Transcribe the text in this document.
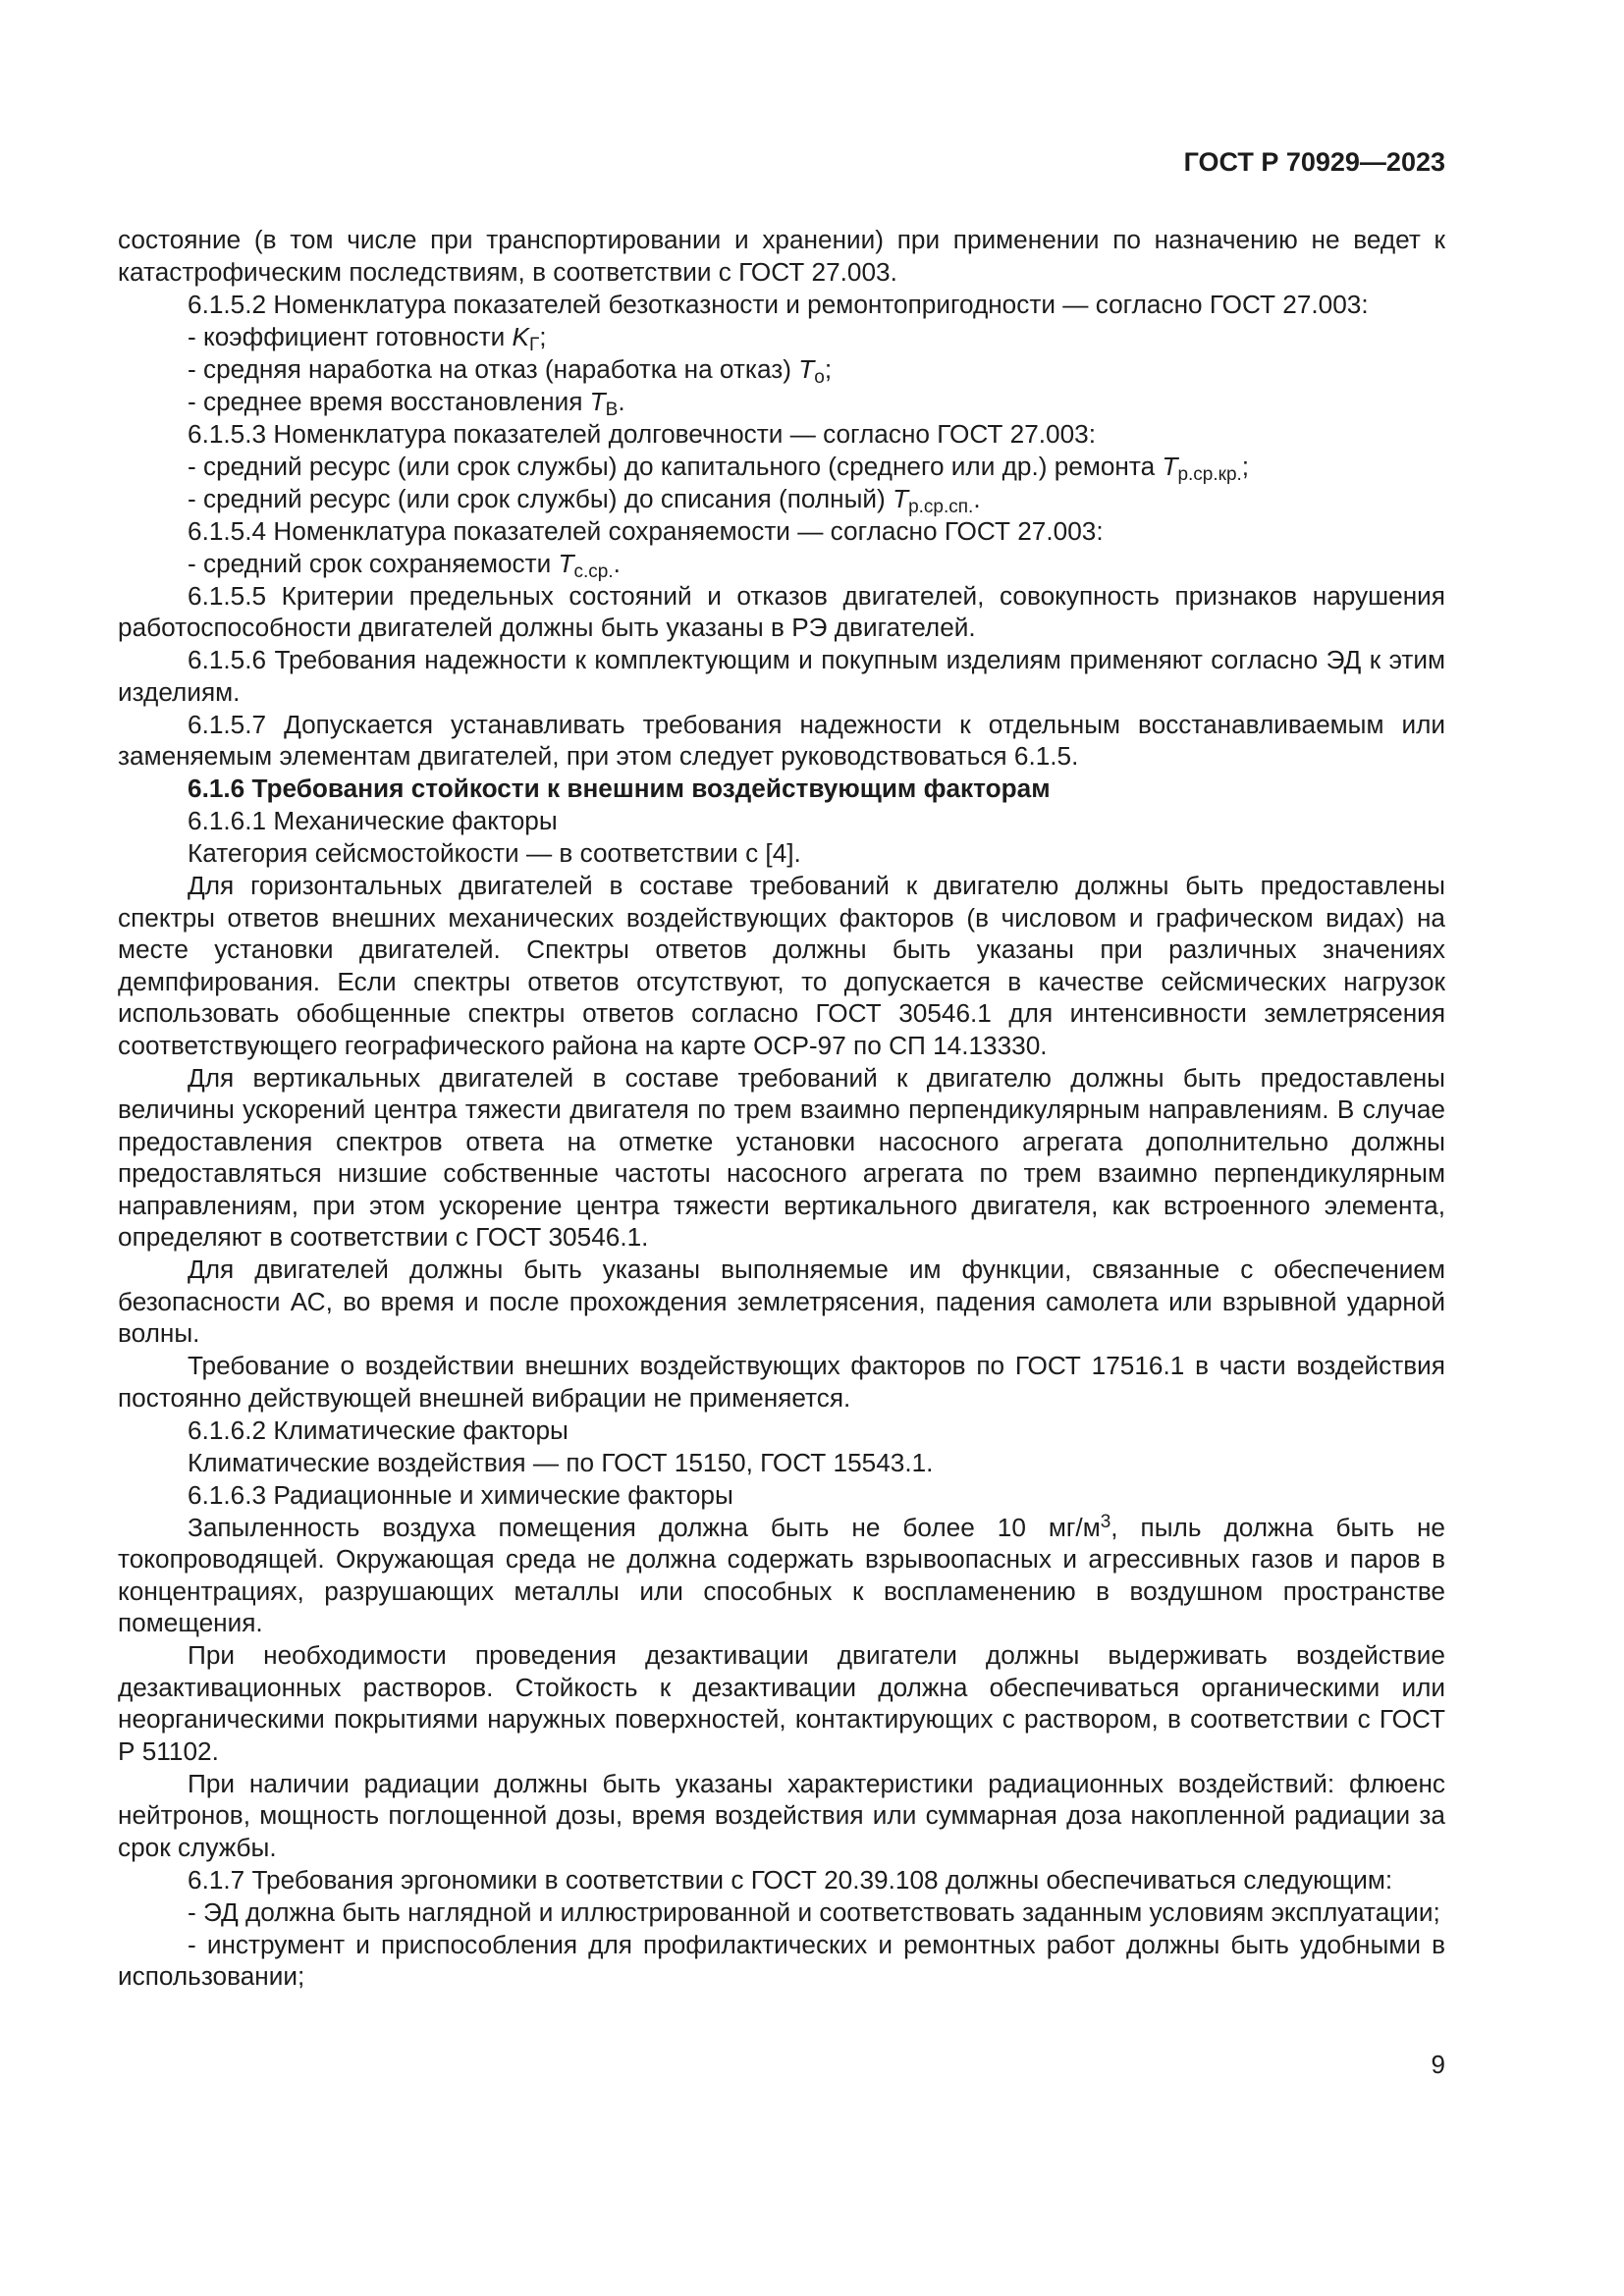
ГОСТ Р 70929—2023

состояние (в том числе при транспортировании и хранении) при применении по назначению не ведет к катастрофическим последствиям, в соответствии с ГОСТ 27.003.

6.1.5.2 Номенклатура показателей безотказности и ремонтопригодности — согласно ГОСТ 27.003:

- коэффициент готовности $K_Г$;

- средняя наработка на отказ (наработка на отказ) $T_о$;

- среднее время восстановления $T_В$.

6.1.5.3 Номенклатура показателей долговечности — согласно ГОСТ 27.003:

- средний ресурс (или срок службы) до капитального (среднего или др.) ремонта $T_{р.ср.кр.}$;

- средний ресурс (или срок службы) до списания (полный) $T_{р.ср.сп.}$.

6.1.5.4 Номенклатура показателей сохраняемости — согласно ГОСТ 27.003:

- средний срок сохраняемости $T_{с.ср.}$.

6.1.5.5 Критерии предельных состояний и отказов двигателей, совокупность признаков нарушения работоспособности двигателей должны быть указаны в РЭ двигателей.

6.1.5.6 Требования надежности к комплектующим и покупным изделиям применяют согласно ЭД к этим изделиям.

6.1.5.7 Допускается устанавливать требования надежности к отдельным восстанавливаемым или заменяемым элементам двигателей, при этом следует руководствоваться 6.1.5.

6.1.6 Требования стойкости к внешним воздействующим факторам

6.1.6.1 Механические факторы

Категория сейсмостойкости — в соответствии с [4].

Для горизонтальных двигателей в составе требований к двигателю должны быть предоставлены спектры ответов внешних механических воздействующих факторов (в числовом и графическом видах) на месте установки двигателей. Спектры ответов должны быть указаны при различных значениях демпфирования. Если спектры ответов отсутствуют, то допускается в качестве сейсмических нагрузок использовать обобщенные спектры ответов согласно ГОСТ 30546.1 для интенсивности землетрясения соответствующего географического района на карте ОСР-97 по СП 14.13330.

Для вертикальных двигателей в составе требований к двигателю должны быть предоставлены величины ускорений центра тяжести двигателя по трем взаимно перпендикулярным направлениям. В случае предоставления спектров ответа на отметке установки насосного агрегата дополнительно должны предоставляться низшие собственные частоты насосного агрегата по трем взаимно перпендикулярным направлениям, при этом ускорение центра тяжести вертикального двигателя, как встроенного элемента, определяют в соответствии с ГОСТ 30546.1.

Для двигателей должны быть указаны выполняемые им функции, связанные с обеспечением безопасности АС, во время и после прохождения землетрясения, падения самолета или взрывной ударной волны.

Требование о воздействии внешних воздействующих факторов по ГОСТ 17516.1 в части воздействия постоянно действующей внешней вибрации не применяется.

6.1.6.2 Климатические факторы

Климатические воздействия — по ГОСТ 15150, ГОСТ 15543.1.

6.1.6.3 Радиационные и химические факторы

Запыленность воздуха помещения должна быть не более 10 $мг/м^3$, пыль должна быть не токопроводящей. Окружающая среда не должна содержать взрывоопасных и агрессивных газов и паров в концентрациях, разрушающих металлы или способных к воспламенению в воздушном пространстве помещения.

При необходимости проведения дезактивации двигатели должны выдерживать воздействие дезактивационных растворов. Стойкость к дезактивации должна обеспечиваться органическими или неорганическими покрытиями наружных поверхностей, контактирующих с раствором, в соответствии с ГОСТ Р 51102.

При наличии радиации должны быть указаны характеристики радиационных воздействий: флюенс нейтронов, мощность поглощенной дозы, время воздействия или суммарная доза накопленной радиации за срок службы.

6.1.7 Требования эргономики в соответствии с ГОСТ 20.39.108 должны обеспечиваться следующим:

- ЭД должна быть наглядной и иллюстрированной и соответствовать заданным условиям эксплуатации;

- инструмент и приспособления для профилактических и ремонтных работ должны быть удобными в использовании;

9
